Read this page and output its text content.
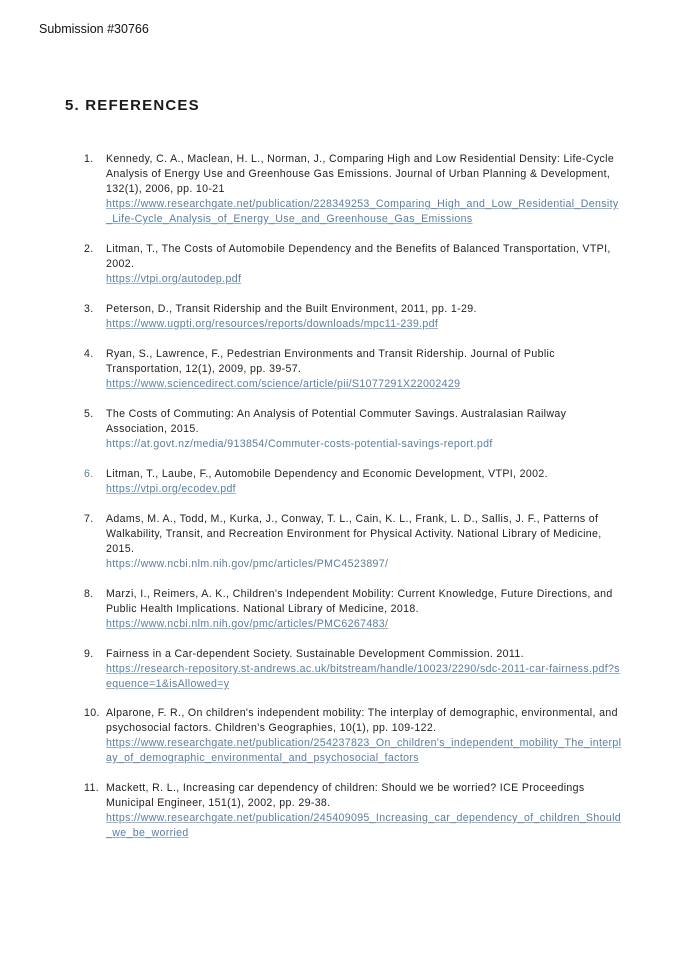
Submission #30766
5. REFERENCES
1.	Kennedy, C. A., Maclean, H. L., Norman, J., Comparing High and Low Residential Density: Life-Cycle Analysis of Energy Use and Greenhouse Gas Emissions. Journal of Urban Planning & Development, 132(1), 2006, pp. 10-21
https://www.researchgate.net/publication/228349253_Comparing_High_and_Low_Residential_Density_Life-Cycle_Analysis_of_Energy_Use_and_Greenhouse_Gas_Emissions
2.	Litman, T., The Costs of Automobile Dependency and the Benefits of Balanced Transportation, VTPI, 2002.
https://vtpi.org/autodep.pdf
3.	Peterson, D., Transit Ridership and the Built Environment, 2011, pp. 1-29.
https://www.ugpti.org/resources/reports/downloads/mpc11-239.pdf
4.	Ryan, S., Lawrence, F., Pedestrian Environments and Transit Ridership. Journal of Public Transportation, 12(1), 2009, pp. 39-57.
https://www.sciencedirect.com/science/article/pii/S1077291X22002429
5.	The Costs of Commuting: An Analysis of Potential Commuter Savings. Australasian Railway Association, 2015.
https://at.govt.nz/media/913854/Commuter-costs-potential-savings-report.pdf
6.	Litman, T., Laube, F., Automobile Dependency and Economic Development, VTPI, 2002.
https://vtpi.org/ecodev.pdf
7.	Adams, M. A., Todd, M., Kurka, J., Conway, T. L., Cain, K. L., Frank, L. D., Sallis, J. F., Patterns of Walkability, Transit, and Recreation Environment for Physical Activity. National Library of Medicine, 2015.
https://www.ncbi.nlm.nih.gov/pmc/articles/PMC4523897/
8.	Marzi, I., Reimers, A. K., Children's Independent Mobility: Current Knowledge, Future Directions, and Public Health Implications. National Library of Medicine, 2018.
https://www.ncbi.nlm.nih.gov/pmc/articles/PMC6267483/
9.	Fairness in a Car-dependent Society. Sustainable Development Commission. 2011.
https://research-repository.st-andrews.ac.uk/bitstream/handle/10023/2290/sdc-2011-car-fairness.pdf?sequence=1&isAllowed=y
10. Alparone, F. R., On children's independent mobility: The interplay of demographic, environmental, and psychosocial factors. Children's Geographies, 10(1), pp. 109-122.
https://www.researchgate.net/publication/254237823_On_children's_independent_mobility_The_interplay_of_demographic_environmental_and_psychosocial_factors
11. Mackett, R. L., Increasing car dependency of children: Should we be worried? ICE Proceedings Municipal Engineer, 151(1), 2002, pp. 29-38.
https://www.researchgate.net/publication/245409095_Increasing_car_dependency_of_children_Should_we_be_worried
